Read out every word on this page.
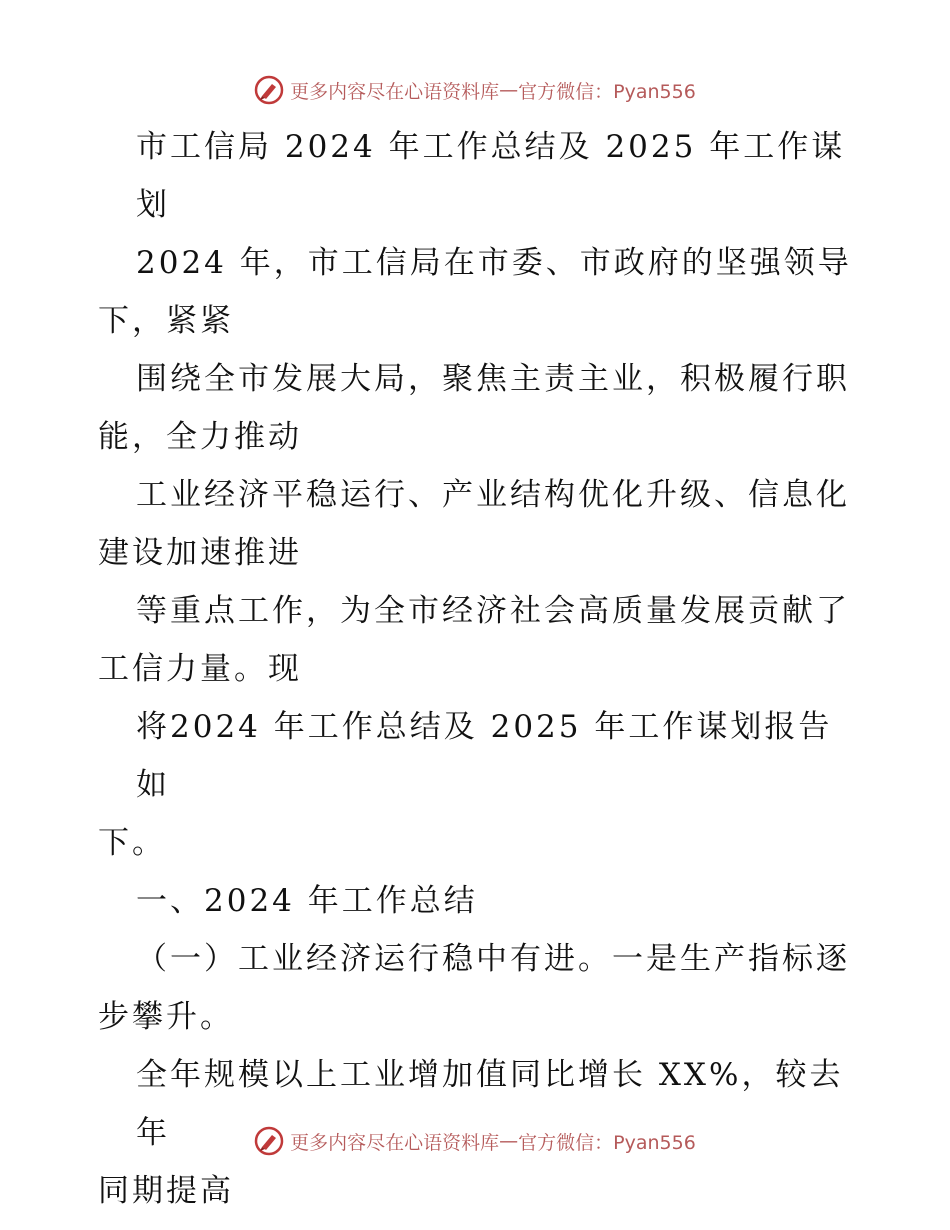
更多内容尽在心语资料库 — 官方微信：Pyan556

市工信局 2024 年工作总结及 2025 年工作谋
划

2024 年，市工信局在市委、市政府的坚强领导
下，紧紧

围绕全市发展大局，聚焦主责主业，积极履行职
能，全力推动

工业经济平稳运行、产业结构优化升级、信息化
建设加速推进

等重点工作，为全市经济社会高质量发展贡献了
工信力量。现

将2024 年工作总结及 2025 年工作谋划报告如
下。

一、2024 年工作总结

（一）工业经济运行稳中有进。一是生产指标逐
步攀升。

全年规模以上工业增加值同比增长 XX%，较去年
同期提高

更多内容尽在心语资料库 — 官方微信：Pyan556
